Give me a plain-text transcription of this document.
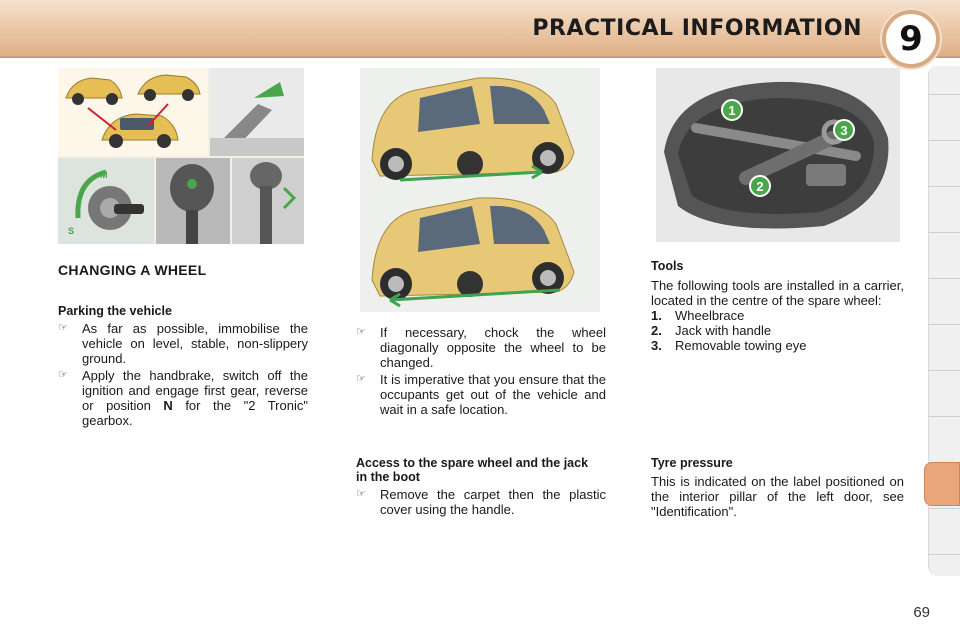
PRACTICAL INFORMATION 9
M
S
1
2
3
CHANGING A WHEEL
Parking the vehicle
☞	As far as possible, immobilise the vehicle on level, stable, non-slippery ground.
☞	Apply the handbrake, switch off the ignition and engage first gear, reverse or position N for the "2 Tronic" gearbox.
☞	If necessary, chock the wheel diagonally opposite the wheel to be changed.
☞	It is imperative that you ensure that the occupants get out of the vehicle and wait in a safe location.
Access to the spare wheel and the jack in the boot
☞	Remove the carpet then the plastic cover using the handle.
Tools
The following tools are installed in a carrier, located in the centre of the spare wheel:
1.	Wheelbrace
2.	Jack with handle
3.	Removable towing eye
Tyre pressure
This is indicated on the label positioned on the interior pillar of the left door, see "Identification".
69
